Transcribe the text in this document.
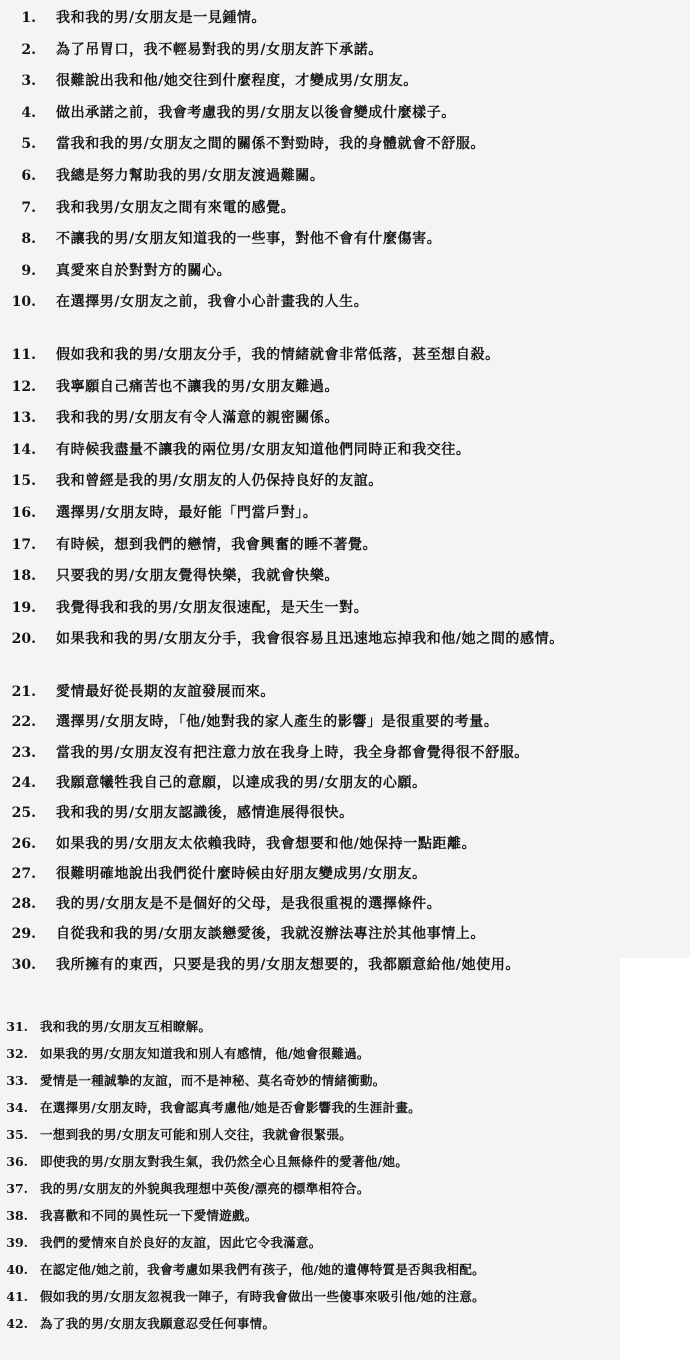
1. 我和我的男/女朋友是一見鍾情。
2. 為了吊胃口，我不輕易對我的男/女朋友許下承諾。
3. 很難說出我和他/她交往到什麼程度，才變成男/女朋友。
4. 做出承諾之前，我會考慮我的男/女朋友以後會變成什麼樣子。
5. 當我和我的男/女朋友之間的關係不對勁時，我的身體就會不舒服。
6. 我總是努力幫助我的男/女朋友渡過難關。
7. 我和我男/女朋友之間有來電的感覺。
8. 不讓我的男/女朋友知道我的一些事，對他不會有什麼傷害。
9. 真愛來自於對對方的關心。
10. 在選擇男/女朋友之前，我會小心計畫我的人生。
11. 假如我和我的男/女朋友分手，我的情緒就會非常低落，甚至想自殺。
12. 我寧願自己痛苦也不讓我的男/女朋友難過。
13. 我和我的男/女朋友有令人滿意的親密關係。
14. 有時候我盡量不讓我的兩位男/女朋友知道他們同時正和我交往。
15. 我和曾經是我的男/女朋友的人仍保持良好的友誼。
16. 選擇男/女朋友時，最好能「門當戶對」。
17. 有時候，想到我們的戀情，我會興奮的睡不著覺。
18. 只要我的男/女朋友覺得快樂，我就會快樂。
19. 我覺得我和我的男/女朋友很速配，是天生一對。
20. 如果我和我的男/女朋友分手，我會很容易且迅速地忘掉我和他/她之間的感情。
21. 愛情最好從長期的友誼發展而來。
22. 選擇男/女朋友時，「他/她對我的家人產生的影響」是很重要的考量。
23. 當我的男/女朋友沒有把注意力放在我身上時，我全身都會覺得很不舒服。
24. 我願意犧牲我自己的意願，以達成我的男/女朋友的心願。
25. 我和我的男/女朋友認識後，感情進展得很快。
26. 如果我的男/女朋友太依賴我時，我會想要和他/她保持一點距離。
27. 很難明確地說出我們從什麼時候由好朋友變成男/女朋友。
28. 我的男/女朋友是不是個好的父母，是我很重視的選擇條件。
29. 自從我和我的男/女朋友談戀愛後，我就沒辦法專注於其他事情上。
30. 我所擁有的東西，只要是我的男/女朋友想要的，我都願意給他/她使用。
31. 我和我的男/女朋友互相瞭解。
32. 如果我的男/女朋友知道我和別人有感情，他/她會很難過。
33. 愛情是一種誠摯的友誼，而不是神秘、莫名奇妙的情緒衝動。
34. 在選擇男/女朋友時，我會認真考慮他/她是否會影響我的生涯計畫。
35. 一想到我的男/女朋友可能和別人交往，我就會很緊張。
36. 即使我的男/女朋友對我生氣，我仍然全心且無條件的愛著他/她。
37. 我的男/女朋友的外貌與我理想中英俊/漂亮的標準相符合。
38. 我喜歡和不同的異性玩一下愛情遊戲。
39. 我們的愛情來自於良好的友誼，因此它令我滿意。
40. 在認定他/她之前，我會考慮如果我們有孩子，他/她的遺傳特質是否與我相配。
41. 假如我的男/女朋友忽視我一陣子，有時我會做出一些傻事來吸引他/她的注意。
42. 為了我的男/女朋友我願意忍受任何事情。
